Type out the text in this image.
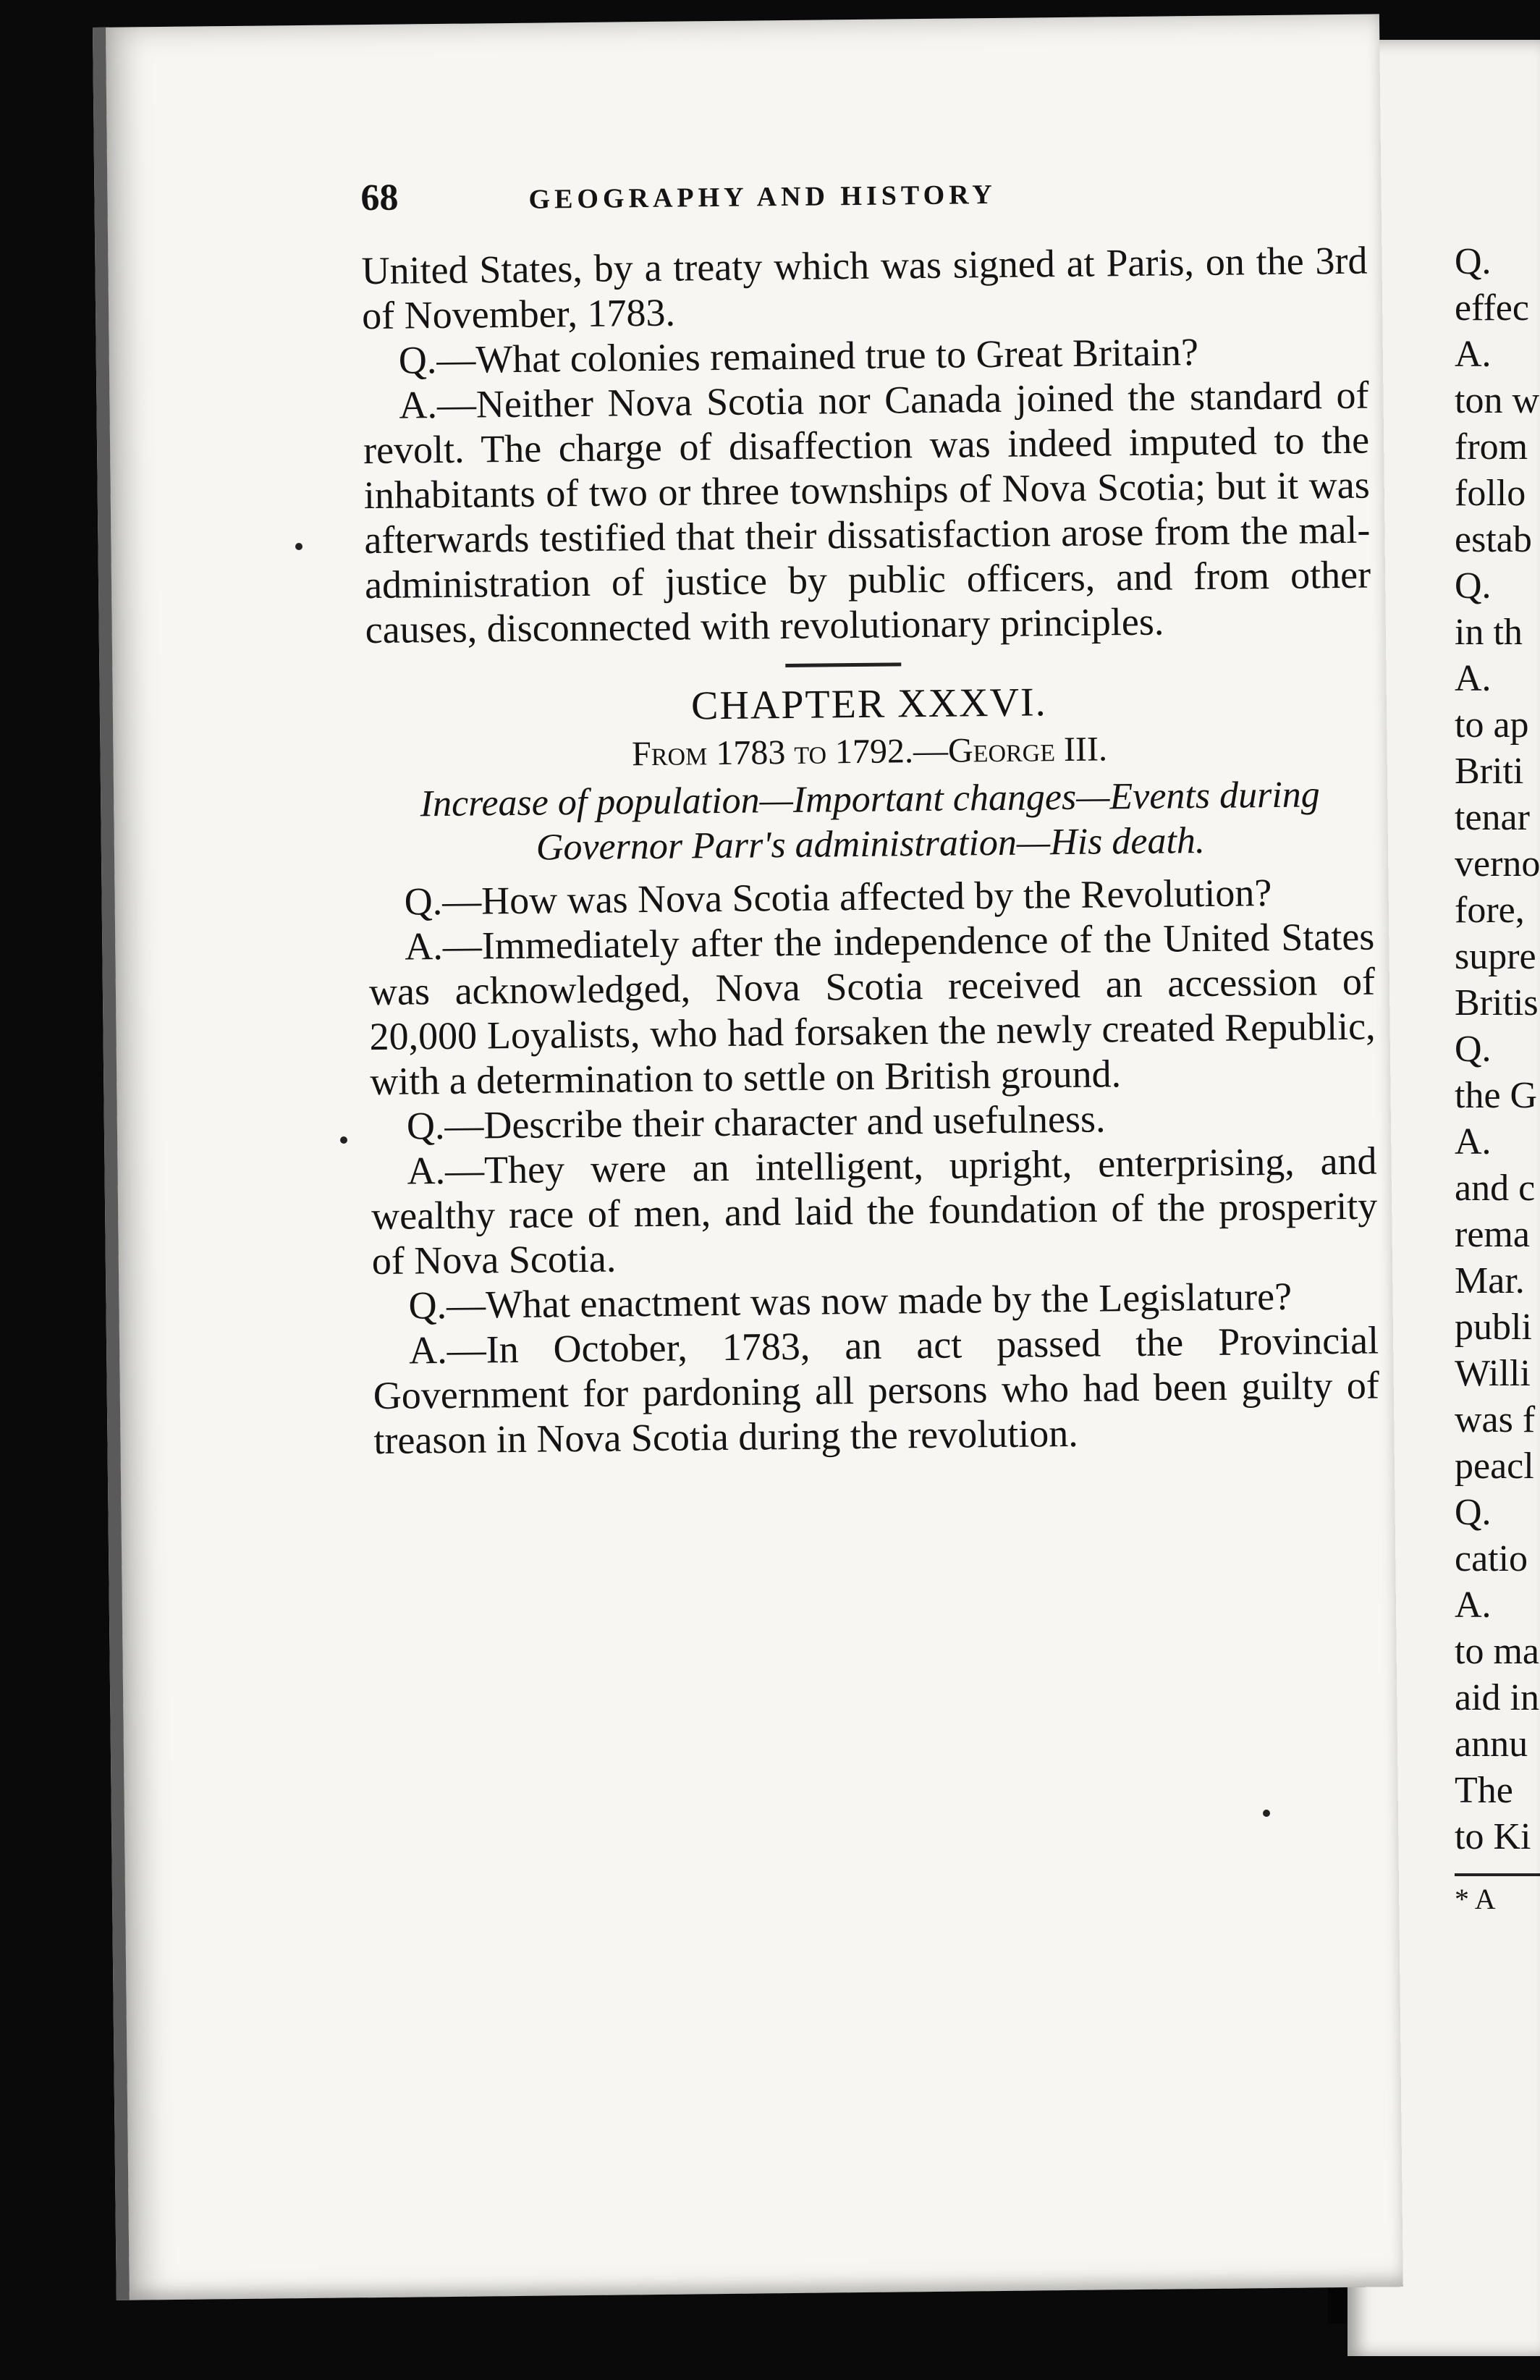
68	GEOGRAPHY AND HISTORY

United States, by a treaty which was signed at Paris, on the 3rd of November, 1783.

Q.—What colonies remained true to Great Britain?

A.—Neither Nova Scotia nor Canada joined the standard of revolt. The charge of disaffection was indeed imputed to the inhabitants of two or three townships of Nova Scotia; but it was afterwards testified that their dissatisfaction arose from the mal-administration of justice by public officers, and from other causes, disconnected with revolutionary principles.

CHAPTER XXXVI.
From 1783 to 1792.—George III.

Increase of population—Important changes—Events during Governor Parr's administration—His death.

Q.—How was Nova Scotia affected by the Revolution?

A.—Immediately after the independence of the United States was acknowledged, Nova Scotia received an accession of 20,000 Loyalists, who had forsaken the newly created Republic, with a determination to settle on British ground.

Q.—Describe their character and usefulness.

A.—They were an intelligent, upright, enterprising, and wealthy race of men, and laid the foundation of the prosperity of Nova Scotia.

Q.—What enactment was now made by the Legislature?

A.—In October, 1783, an act passed the Provincial Government for pardoning all persons who had been guilty of treason in Nova Scotia during the revolution.

Q.
effec
A.
ton w
from
follo
estab
Q.
in th
A.
to ap
Briti
tenar
verno
fore,
supre
Britis
Q.
the G
A.
and c
rema
Mar.
publi
Willi
was f
peacl
Q.
catio
A.
to ma
aid in
annu
The
to Ki
* A
